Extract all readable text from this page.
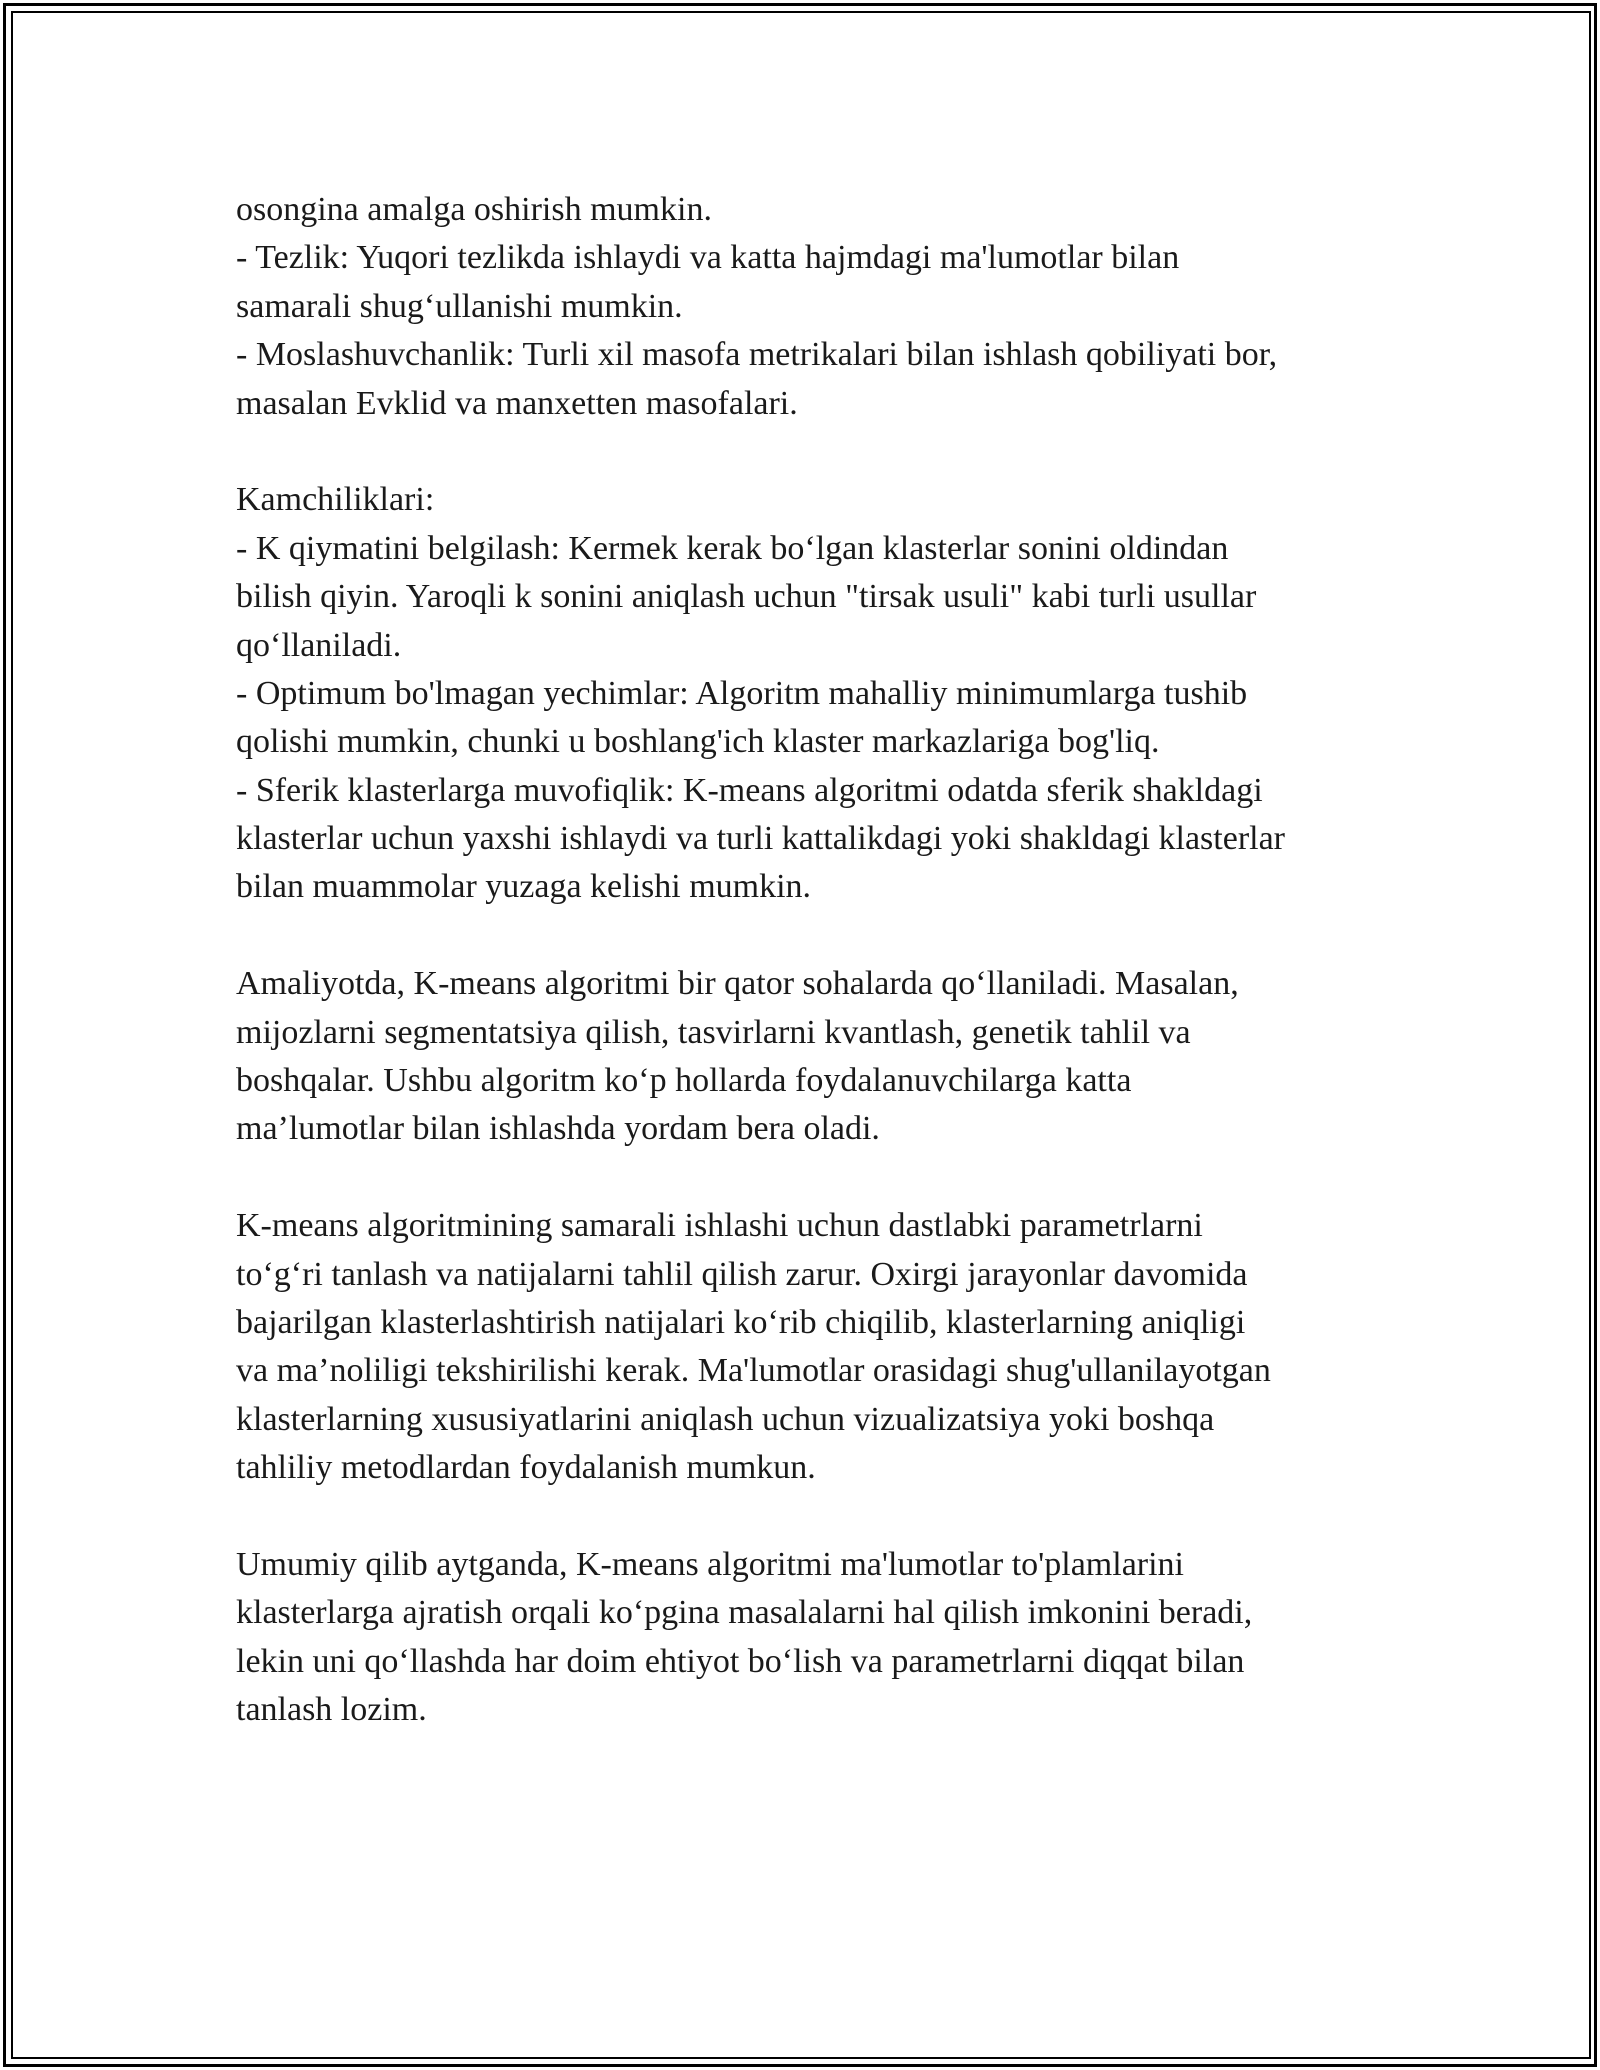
osongina amalga oshirish mumkin.
- Tezlik: Yuqori tezlikda ishlaydi va katta hajmdagi ma'lumotlar bilan
samarali shug‘ullanishi mumkin.
- Moslashuvchanlik: Turli xil masofa metrikalari bilan ishlash qobiliyati bor,
masalan Evklid va manxetten masofalari.
Kamchiliklari:
- K qiymatini belgilash: Kermek kerak bo‘lgan klasterlar sonini oldindan
bilish qiyin. Yaroqli k sonini aniqlash uchun "tirsak usuli" kabi turli usullar
qo‘llaniladi.
- Optimum bo'lmagan yechimlar: Algoritm mahalliy minimumlarga tushib
qolishi mumkin, chunki u boshlang'ich klaster markazlariga bog'liq.
- Sferik klasterlarga muvofiqlik: K-means algoritmi odatda sferik shakldagi
klasterlar uchun yaxshi ishlaydi va turli kattalikdagi yoki shakldagi klasterlar
bilan muammolar yuzaga kelishi mumkin.
Amaliyotda, K-means algoritmi bir qator sohalarda qo‘llaniladi. Masalan,
mijozlarni segmentatsiya qilish, tasvirlarni kvantlash, genetik tahlil va
boshqalar. Ushbu algoritm ko‘p hollarda foydalanuvchilarga katta
ma’lumotlar bilan ishlashda yordam bera oladi.
K-means algoritmining samarali ishlashi uchun dastlabki parametrlarni
to‘g‘ri tanlash va natijalarni tahlil qilish zarur. Oxirgi jarayonlar davomida
bajarilgan klasterlashtirish natijalari ko‘rib chiqilib, klasterlarning aniqligi
va ma’noliligi tekshirilishi kerak. Ma'lumotlar orasidagi shug'ullanilayotgan
klasterlarning xususiyatlarini aniqlash uchun vizualizatsiya yoki boshqa
tahliliy metodlardan foydalanish mumkun.
Umumiy qilib aytganda, K-means algoritmi ma'lumotlar to'plamlarini
klasterlarga ajratish orqali ko‘pgina masalalarni hal qilish imkonini beradi,
lekin uni qo‘llashda har doim ehtiyot bo‘lish va parametrlarni diqqat bilan
tanlash lozim.
